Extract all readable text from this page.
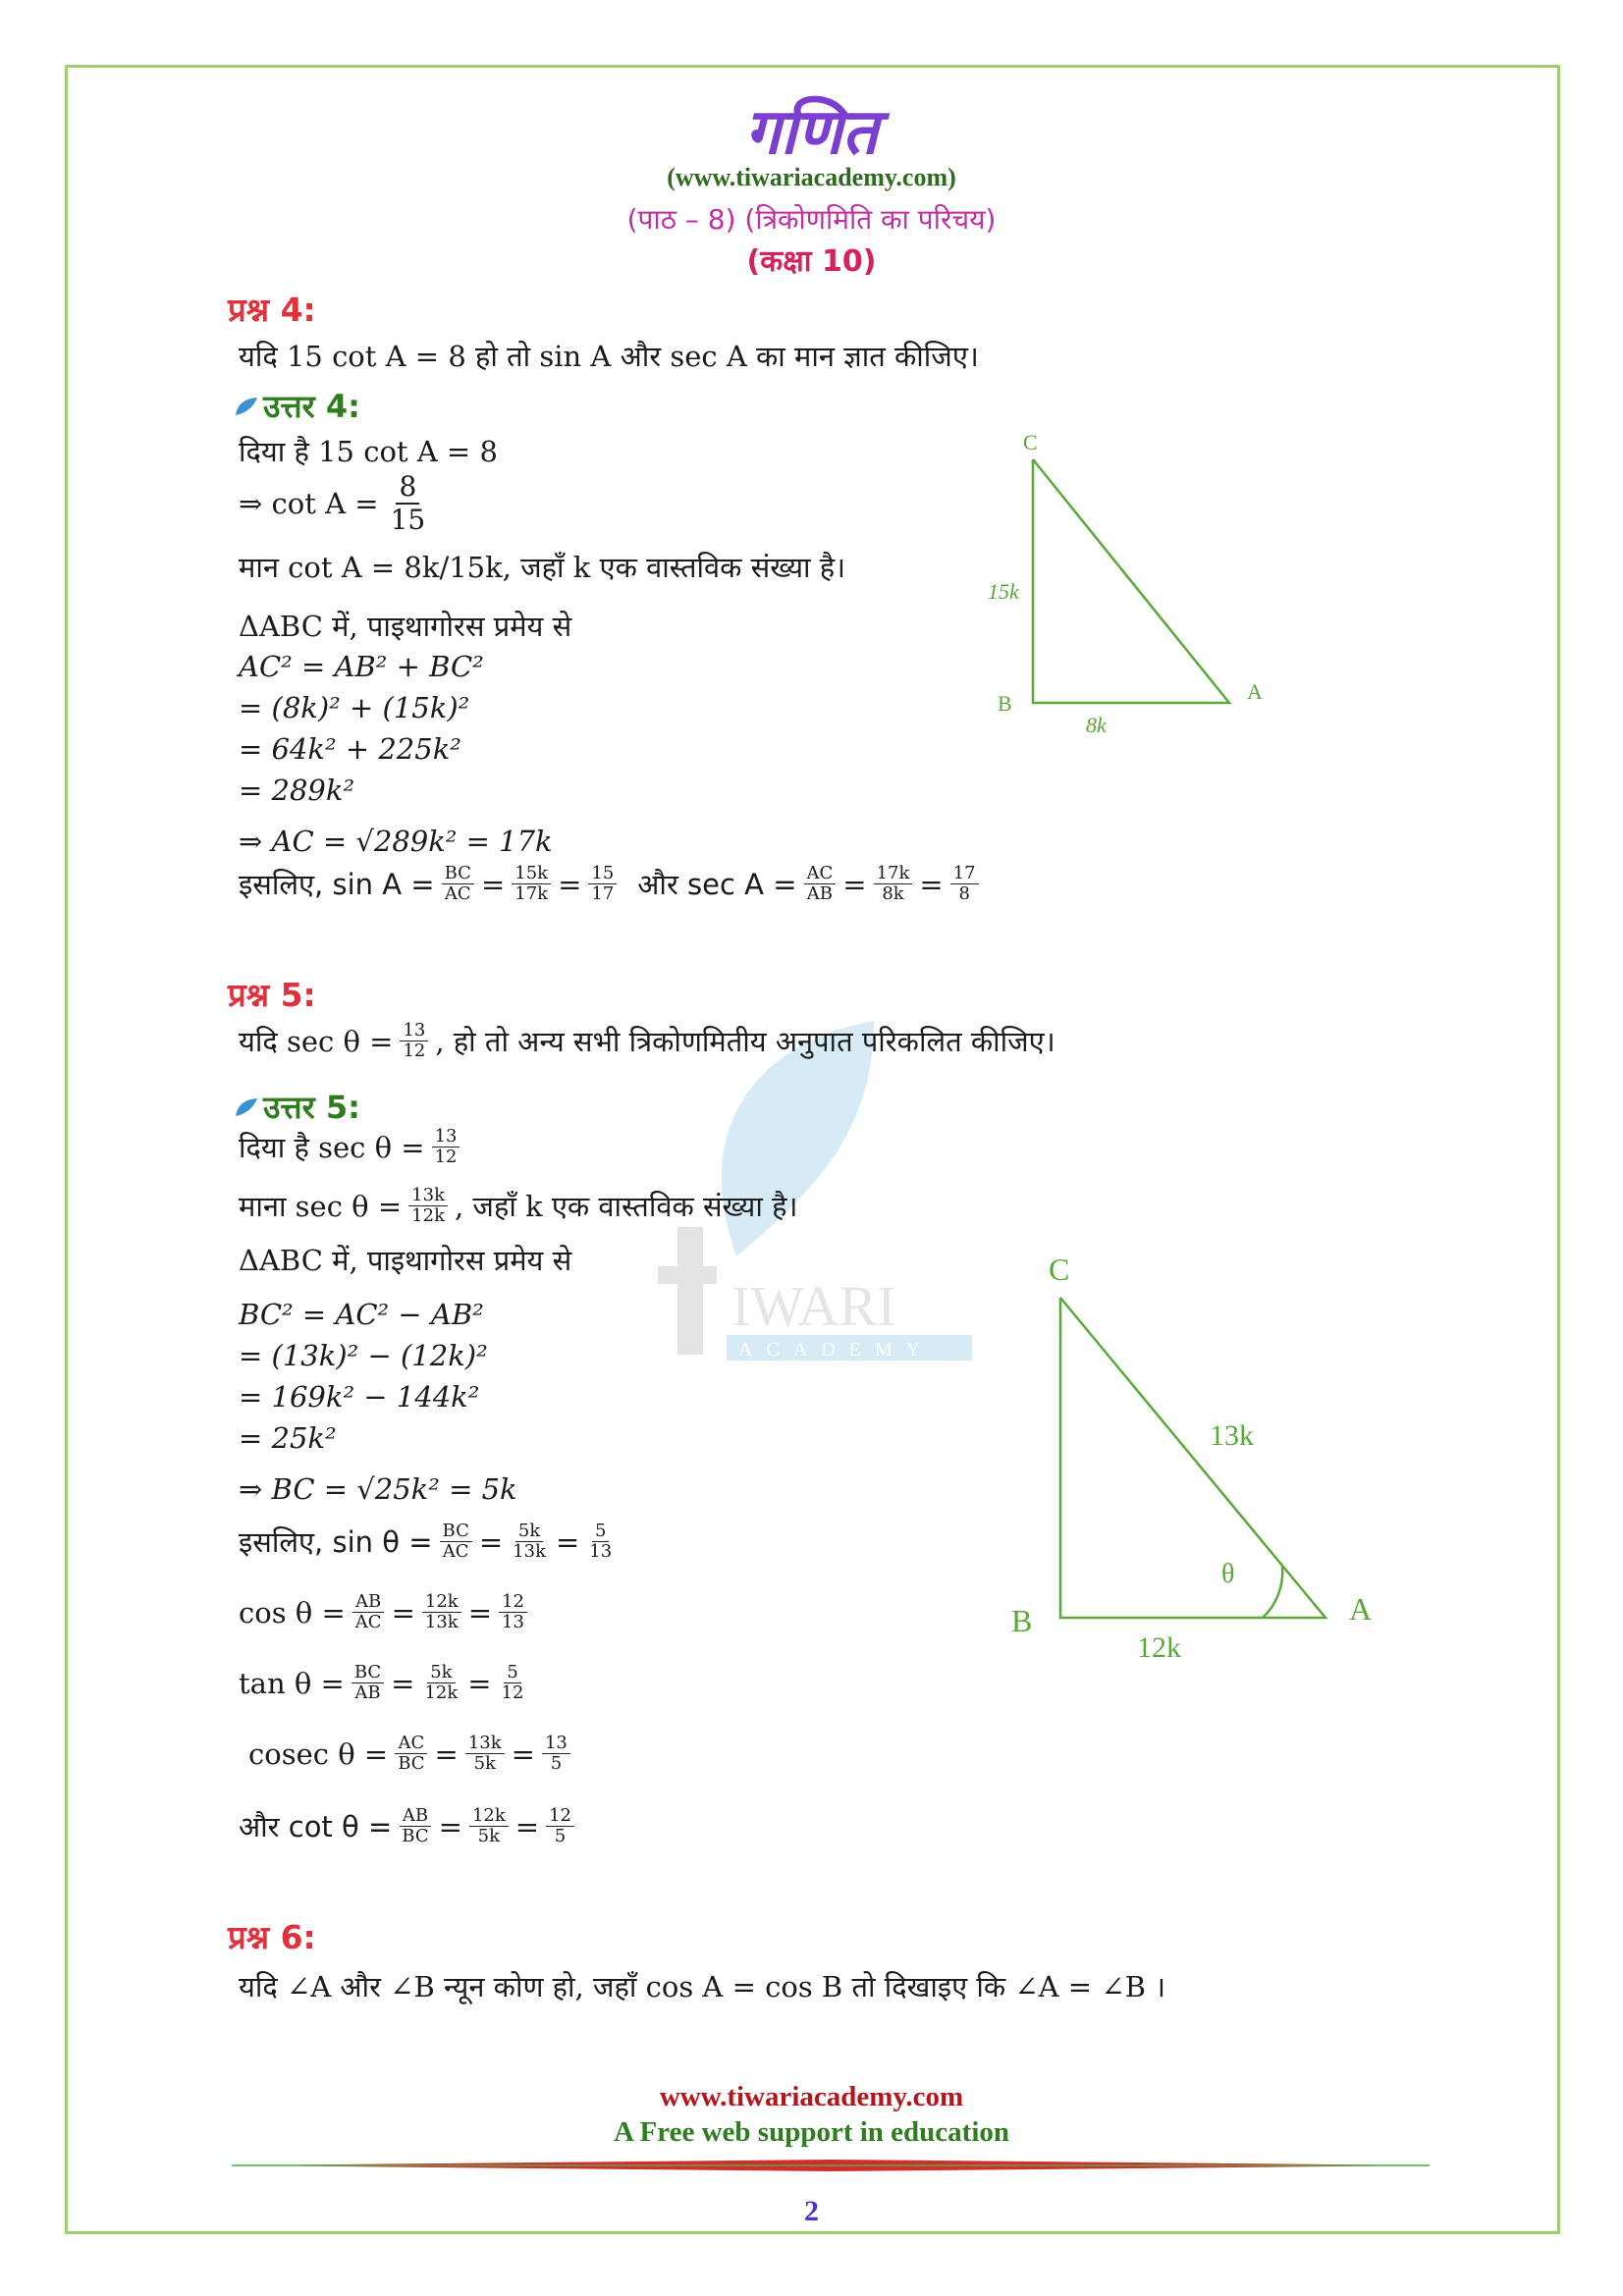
IWARI
ACADEMY
गणित
(www.tiwariacademy.com)
(पाठ – 8) (त्रिकोणमिति का परिचय)
(कक्षा 10)
प्रश्न 4:
यदि 15 cot A = 8 हो तो sin A और sec A का मान ज्ञात कीजिए।
उत्तर 4:
दिया है 15 cot A = 8
⇒ $\cot A = \frac{8}{15}$
मान cot A = 8k/15k, जहाँ k एक वास्तविक संख्या है।
ΔABC में, पाइथागोरस प्रमेय से
AC² = AB² + BC²
= (8k)² + (15k)²
= 64k² + 225k²
= 289k²
⇒ AC = √289k² = 17k
इसलिए, $\sin A = \frac{BC}{AC} = 15k$
17k = 15
17 और $\sec A = \frac{AC}{AB} = 17k$
8k = 17
8
C
B	A
15k
8k
प्रश्न 5:
यदि $\sec \theta = \frac{13}{12}$ , हो तो अन्य सभी त्रिकोणमितीय अनुपात परिकलित कीजिए।
उत्तर 5:
दिया है $\sec \theta = \frac{13}{12}$
माना $\sec \theta = \frac{13k}{12k}$ , जहाँ k एक वास्तविक संख्या है।
ΔABC में, पाइथागोरस प्रमेय से
BC² = AC² − AB²
= (13k)² − (12k)²
= 169k² − 144k²
= 25k²
⇒ BC = √25k² = 5k
इसलिए, $\sin \theta = \frac{BC}{AC} = 5k$
13k = 5
13
$\cos \theta = \frac{AB}{AC} = 12k$
13k = 12
13
$\tan \theta = \frac{BC}{AB} = 5k$
12k = 5
12
cosec $\theta = \frac{AC}{BC} = 13k$
5k = 13
5
और $\cot \theta = \frac{AB}{BC} = 12k$
5k = 12
5
C
B	A
13k
12k
θ
प्रश्न 6:
यदि ∠A और ∠B न्यून कोण हो, जहाँ cos A = cos B तो दिखाइए कि ∠A = ∠B ।
www.tiwariacademy.com
A Free web support in education
2
